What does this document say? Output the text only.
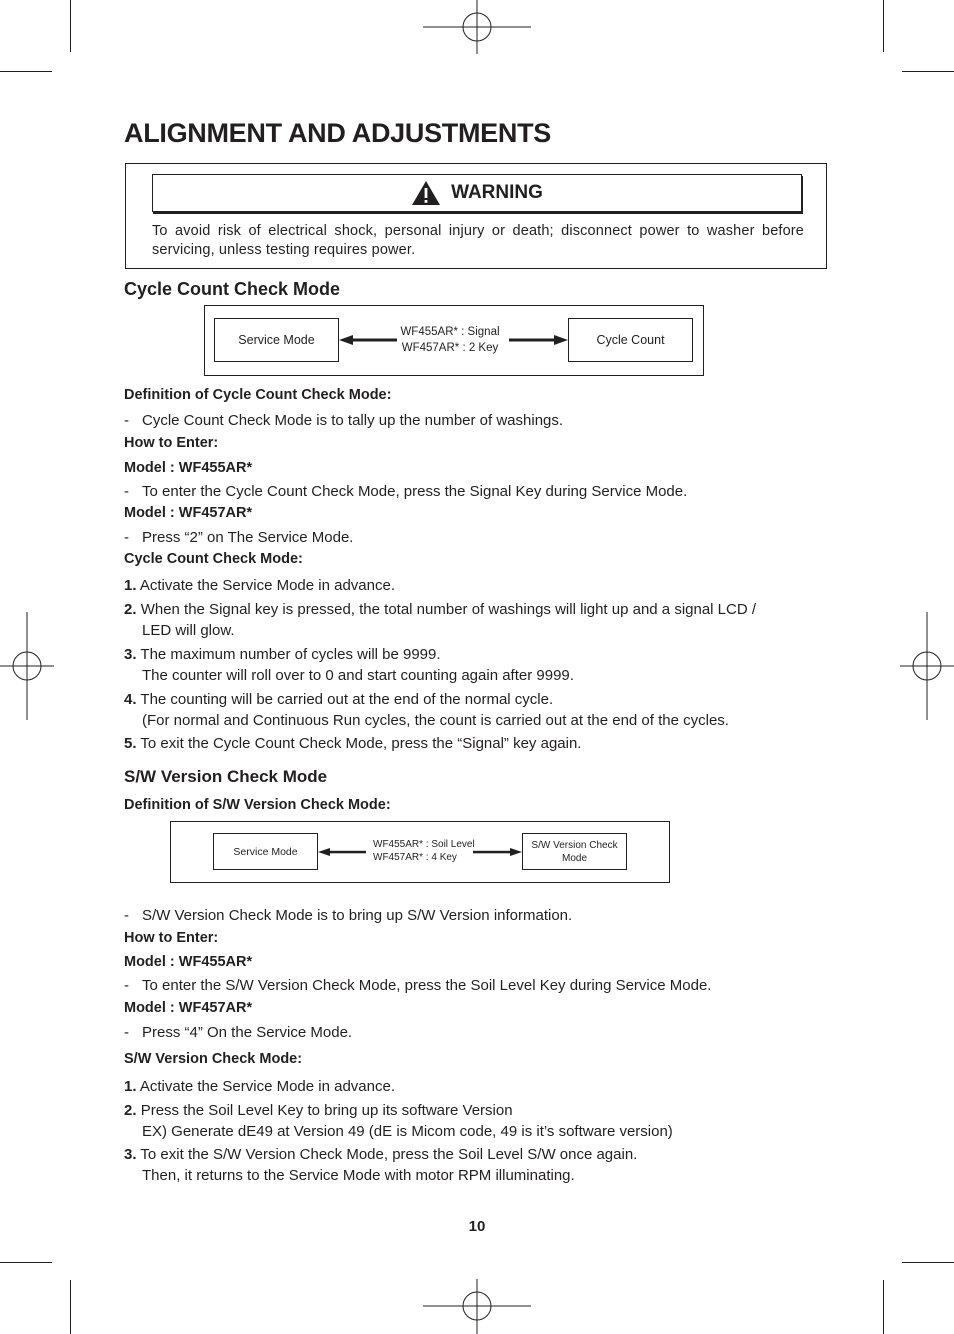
ALIGNMENT AND ADJUSTMENTS
WARNING
To avoid risk of electrical shock, personal injury or death; disconnect power to washer before servicing, unless testing requires power.
Cycle Count Check Mode
Service Mode
WF455AR* : Signal
WF457AR* : 2 Key
Cycle Count
Definition of Cycle Count Check Mode:
- Cycle Count Check Mode is to tally up the number of washings.
How to Enter:
Model : WF455AR*
- To enter the Cycle Count Check Mode, press the Signal Key during Service Mode.
Model : WF457AR*
- Press “2” on The Service Mode.
Cycle Count Check Mode:
1. Activate the Service Mode in advance.
2. When the Signal key is pressed, the total number of washings will light up and a signal LCD /
LED will glow.
3. The maximum number of cycles will be 9999.
The counter will roll over to 0 and start counting again after 9999.
4. The counting will be carried out at the end of the normal cycle.
(For normal and Continuous Run cycles, the count is carried out at the end of the cycles.
5. To exit the Cycle Count Check Mode, press the “Signal” key again.
S/W Version Check Mode
Definition of S/W Version Check Mode:
Service Mode
WF455AR* : Soil Level
WF457AR* : 4 Key
S/W Version Check
Mode
- S/W Version Check Mode is to bring up S/W Version information.
How to Enter:
Model : WF455AR*
- To enter the S/W Version Check Mode, press the Soil Level Key during Service Mode.
Model : WF457AR*
- Press “4” On the Service Mode.
S/W Version Check Mode:
1. Activate the Service Mode in advance.
2. Press the Soil Level Key to bring up its software Version
EX) Generate dE49 at Version 49 (dE is Micom code, 49 is it’s software version)
3. To exit the S/W Version Check Mode, press the Soil Level S/W once again.
Then, it returns to the Service Mode with motor RPM illuminating.
10
